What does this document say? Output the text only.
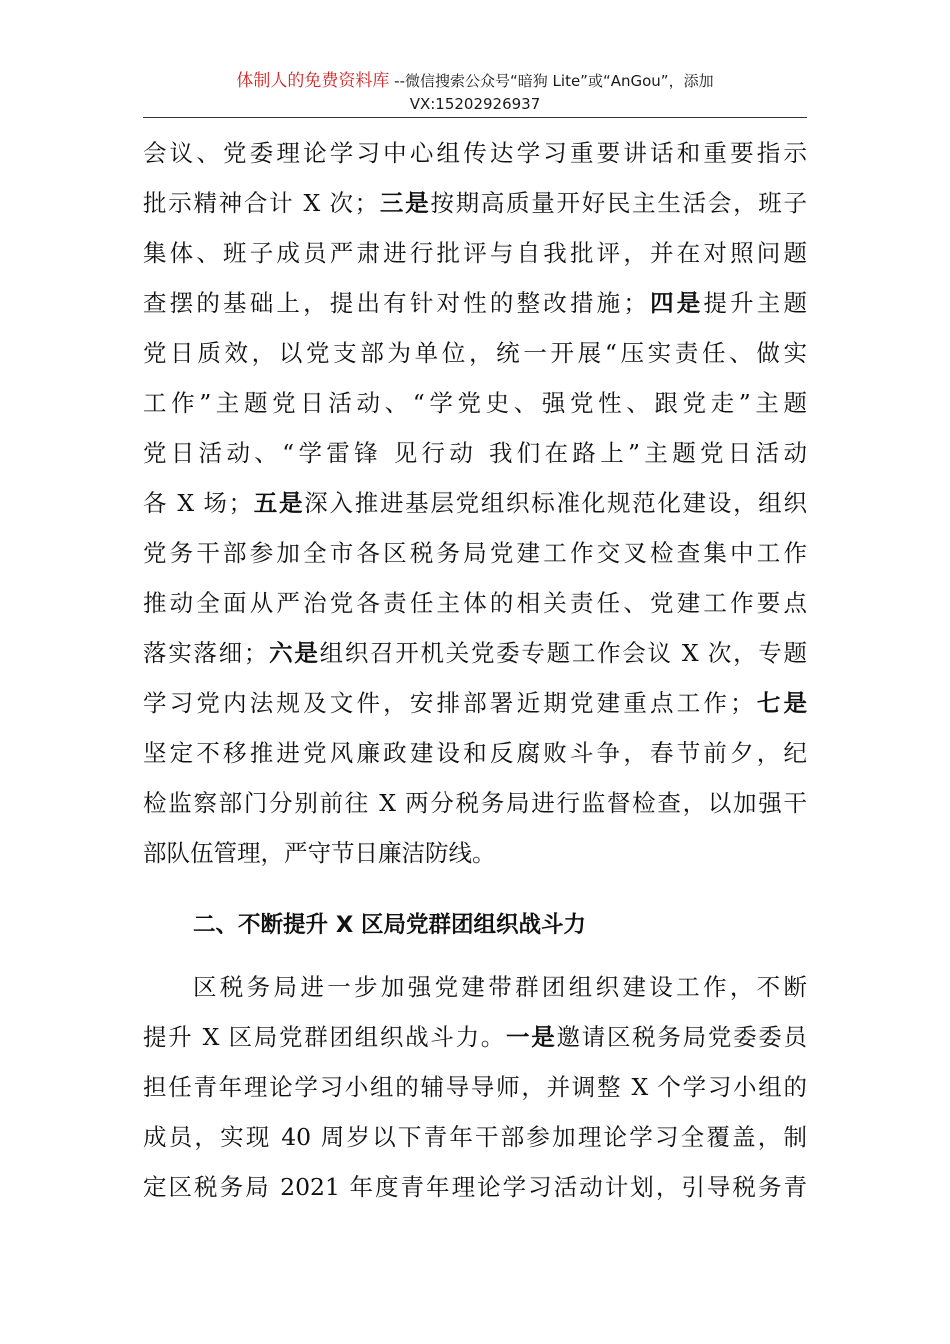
体制人的免费资料库 --微信搜索公众号“暗狗 Lite”或“AnGou”，添加
VX:15202926937
会议、党委理论学习中心组传达学习重要讲话和重要指示
批示精神合计 X 次；三是按期高质量开好民主生活会，班子
集体、班子成员严肃进行批评与自我批评，并在对照问题
查摆的基础上，提出有针对性的整改措施；四是提升主题
党日质效，以党支部为单位，统一开展“压实责任、做实
工作”主题党日活动、“学党史、强党性、跟党走”主题
党日活动、“学雷锋 见行动 我们在路上”主题党日活动
各 X 场；五是深入推进基层党组织标准化规范化建设，组织
党务干部参加全市各区税务局党建工作交叉检查集中工作
推动全面从严治党各责任主体的相关责任、党建工作要点
落实落细；六是组织召开机关党委专题工作会议 X 次，专题
学习党内法规及文件，安排部署近期党建重点工作；七是
坚定不移推进党风廉政建设和反腐败斗争，春节前夕，纪
检监察部门分别前往 X 两分税务局进行监督检查，以加强干
部队伍管理，严守节日廉洁防线。
二、不断提升 X 区局党群团组织战斗力
区税务局进一步加强党建带群团组织建设工作，不断
提升 X 区局党群团组织战斗力。一是邀请区税务局党委委员
担任青年理论学习小组的辅导导师，并调整 X 个学习小组的
成员，实现 40 周岁以下青年干部参加理论学习全覆盖，制
定区税务局 2021 年度青年理论学习活动计划，引导税务青
